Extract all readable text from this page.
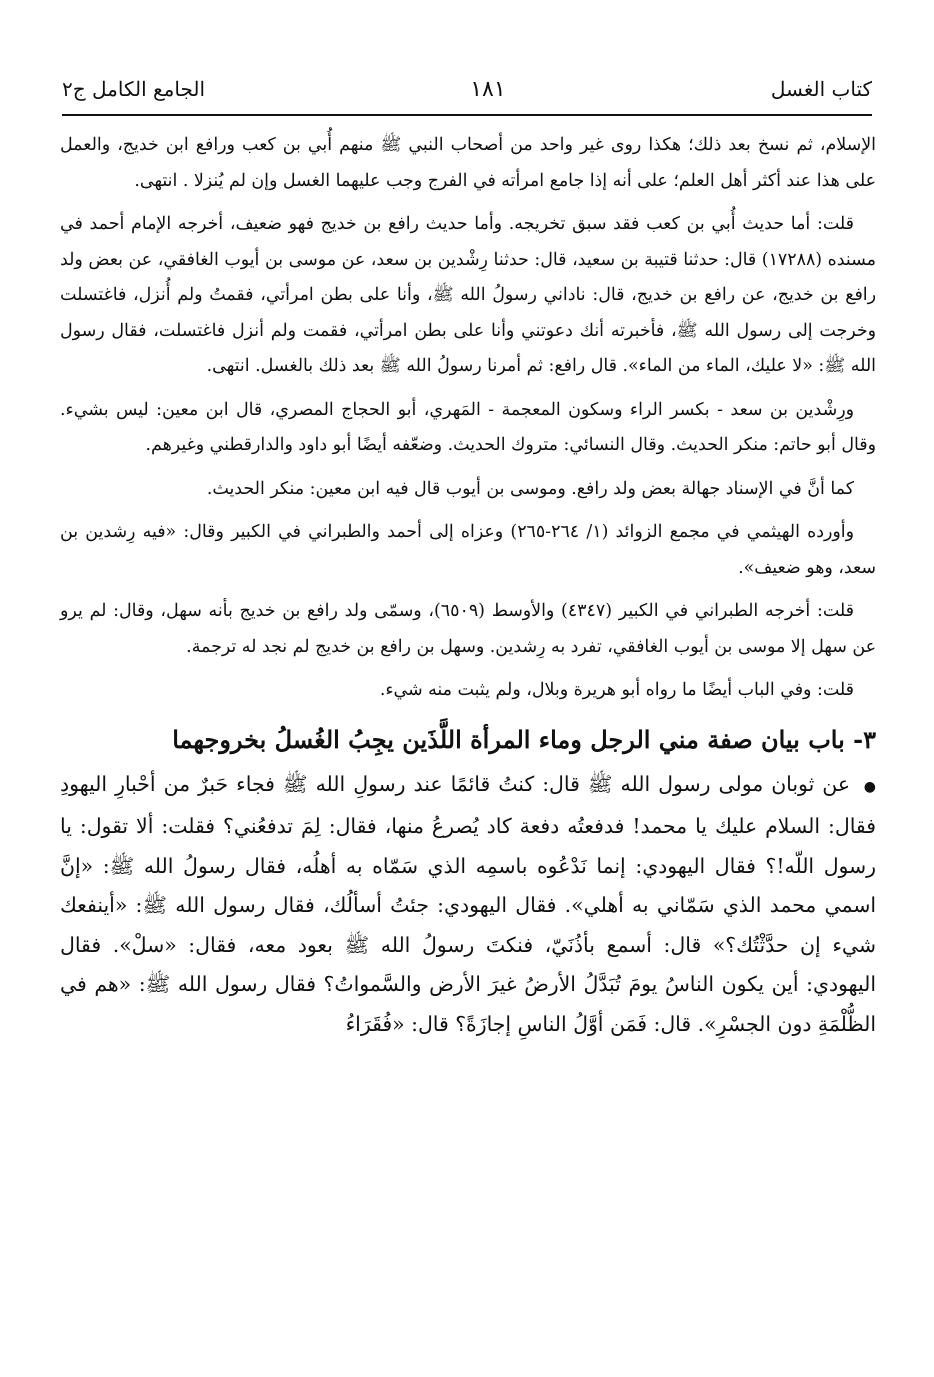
كتاب الغسل
١٨١
الجامع الكامل ج٢

الإسلام، ثم نسخ بعد ذلك؛ هكذا روى غير واحد من أصحاب النبي ﷺ منهم أُبي بن كعب ورافع ابن خديج، والعمل على هذا عند أكثر أهل العلم؛ على أنه إذا جامع امرأته في الفرج وجب عليهما الغسل وإن لم يُنزلا . انتهى.

قلت: أما حديث أُبي بن كعب فقد سبق تخريجه. وأما حديث رافع بن خديج فهو ضعيف، أخرجه الإمام أحمد في مسنده (١٧٢٨٨) قال: حدثنا قتيبة بن سعيد، قال: حدثنا رِشْدين بن سعد، عن موسى بن أيوب الغافقي، عن بعض ولد رافع بن خديج، عن رافع بن خديج، قال: ناداني رسولُ الله ﷺ، وأنا على بطن امرأتي، فقمتُ ولم أُنزل، فاغتسلت وخرجت إلى رسول الله ﷺ، فأخبرته أنك دعوتني وأنا على بطن امرأتي، فقمت ولم أنزل فاغتسلت، فقال رسول الله ﷺ: «لا عليك، الماء من الماء». قال رافع: ثم أمرنا رسولُ الله ﷺ بعد ذلك بالغسل. انتهى.

ورِشْدين بن سعد - بكسر الراء وسكون المعجمة - المَهري، أبو الحجاج المصري، قال ابن معين: ليس بشيء. وقال أبو حاتم: منكر الحديث. وقال النسائي: متروك الحديث. وضعّفه أيضًا أبو داود والدارقطني وغيرهم.

كما أنَّ في الإسناد جهالة بعض ولد رافع. وموسى بن أيوب قال فيه ابن معين: منكر الحديث.

وأورده الهيثمي في مجمع الزوائد (١/ ٢٦٤-٢٦٥) وعزاه إلى أحمد والطبراني في الكبير وقال: «فيه رِشدين بن سعد، وهو ضعيف».

قلت: أخرجه الطبراني في الكبير (٤٣٤٧) والأوسط (٦٥٠٩)، وسمّى ولد رافع بن خديج بأنه سهل، وقال: لم يرو عن سهل إلا موسى بن أيوب الغافقي، تفرد به رِشدين. وسهل بن رافع بن خديج لم نجد له ترجمة.

قلت: وفي الباب أيضًا ما رواه أبو هريرة وبلال، ولم يثبت منه شيء.

٣- باب بيان صفة مني الرجل وماء المرأة اللَّذَين يجِبُ الغُسلُ بخروجهما

●عن ثوبان مولى رسول الله ﷺ قال: كنتُ قائمًا عند رسولِ الله ﷺ فجاء حَبرٌ من أحْبارِ اليهودِ فقال: السلام عليك يا محمد! فدفعتُه دفعة كاد يُصرعُ منها، فقال: لِمَ تدفعُني؟ فقلت: ألا تقول: يا رسول اللّه!؟ فقال اليهودي: إنما نَدْعُوه باسمِه الذي سَمّاه به أهلُه، فقال رسولُ الله ﷺ: «إنَّ اسمي محمد الذي سَمّاني به أهلي». فقال اليهودي: جئتُ أسألُك، فقال رسول الله ﷺ: «أينفعك شيء إن حدَّثْتُك؟» قال: أسمع بأذُنَيّ، فنكتَ رسولُ الله ﷺ بعود معه، فقال: «سلْ». فقال اليهودي: أين يكون الناسُ يومَ تُبَدَّلُ الأرضُ غيرَ الأرض والسَّمواتُ؟ فقال رسول الله ﷺ: «هم في الظُّلْمَةِ دون الجسْرِ». قال: فَمَن أوَّلُ الناسِ إجازَةً؟ قال: «فُقَرَاءُ
